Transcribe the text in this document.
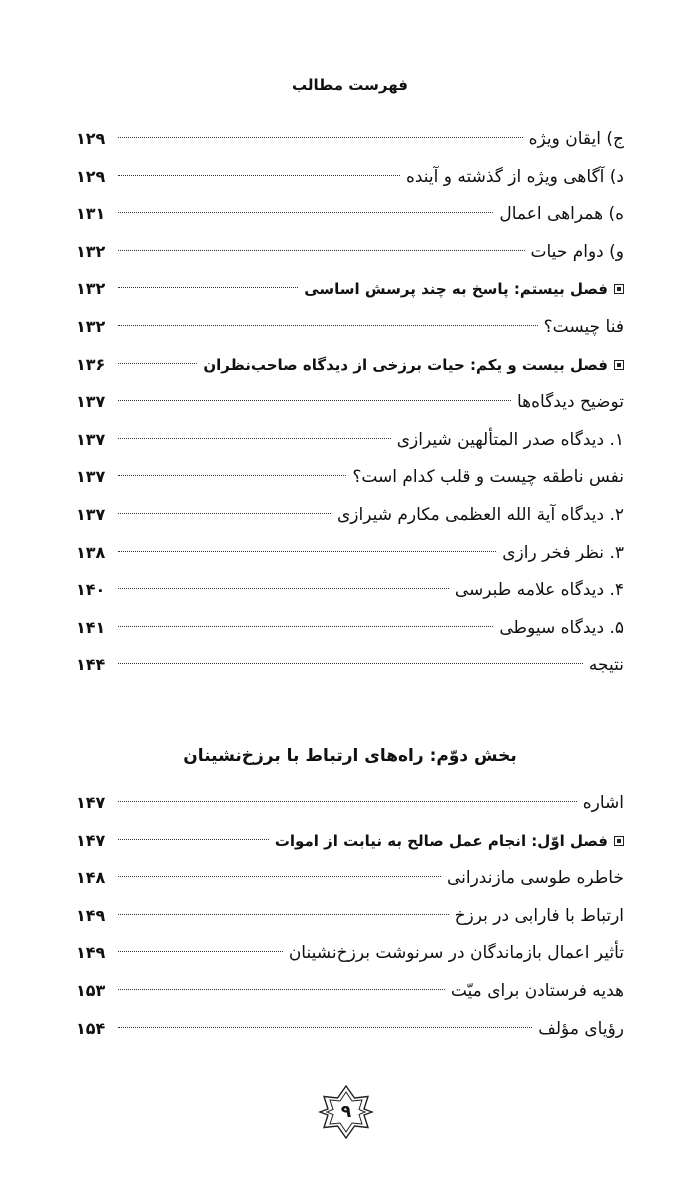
فهرست مطالب
ج) ایقان ویژه
۱۲۹
د) آگاهی ویژه از گذشته و آینده
۱۲۹
ه) همراهی اعمال
۱۳۱
و) دوام حیات
۱۳۲
فصل بیستم: پاسخ به چند پرسش اساسی
۱۳۲
فنا چیست؟
۱۳۲
فصل بیست و یکم: حیات برزخی از دیدگاه صاحب‌نظران
۱۳۶
توضیح دیدگاه‌ها
۱۳۷
۱. دیدگاه صدر المتألهین شیرازی
۱۳۷
نفس ناطقه چیست و قلب کدام است؟
۱۳۷
۲. دیدگاه آیة الله العظمی مکارم شیرازی
۱۳۷
۳. نظر فخر رازی
۱۳۸
۴. دیدگاه علامه طبرسی
۱۴۰
۵. دیدگاه سیوطی
۱۴۱
نتیجه
۱۴۴
بخش دوّم: راه‌های ارتباط با برزخ‌نشینان
اشاره
۱۴۷
فصل اوّل: انجام عمل صالح به نیابت از اموات
۱۴۷
خاطره طوسی مازندرانی
۱۴۸
ارتباط با فارابی در برزخ
۱۴۹
تأثیر اعمال بازماندگان در سرنوشت برزخ‌نشینان
۱۴۹
هدیه فرستادن برای میّت
۱۵۳
رؤیای مؤلف
۱۵۴
۹
